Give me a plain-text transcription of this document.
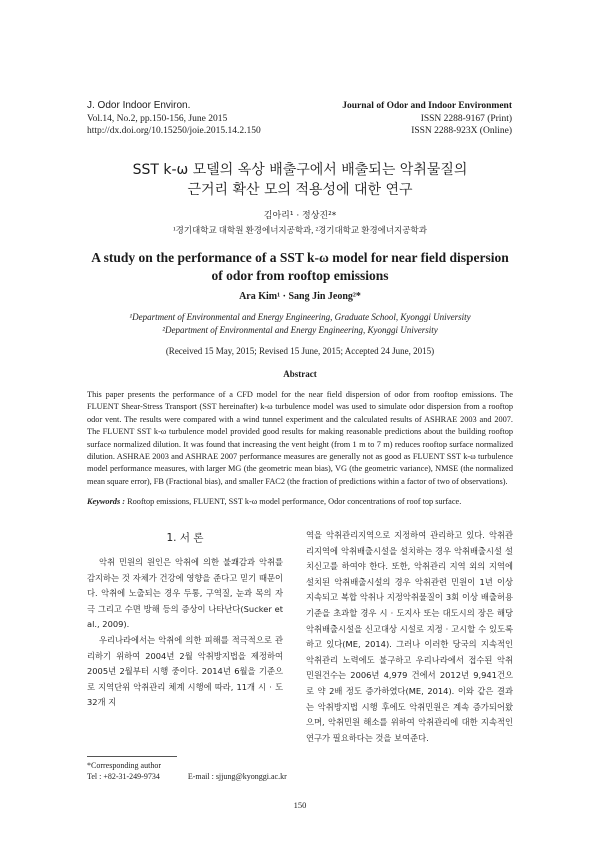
J. Odor Indoor Environ.
Vol.14, No.2, pp.150-156, June 2015
http://dx.doi.org/10.15250/joie.2015.14.2.150
Journal of Odor and Indoor Environment
ISSN 2288-9167 (Print)
ISSN 2288-923X (Online)
SST k-ω 모델의 옥상 배출구에서 배출되는 악취물질의
근거리 확산 모의 적용성에 대한 연구
김아리¹ · 정상진²*
¹경기대학교 대학원 환경에너지공학과, ²경기대학교 환경에너지공학과
A study on the performance of a SST k-ω model for near field dispersion
of odor from rooftop emissions
Ara Kim¹ · Sang Jin Jeong²*
¹Department of Environmental and Energy Engineering, Graduate School, Kyonggi University
²Department of Environmental and Energy Engineering, Kyonggi University
(Received 15 May, 2015; Revised 15 June, 2015; Accepted 24 June, 2015)
Abstract
This paper presents the performance of a CFD model for the near field dispersion of odor from rooftop emissions. The FLUENT Shear-Stress Transport (SST hereinafter) k-ω turbulence model was used to simulate odor dispersion from a rooftop odor vent. The results were compared with a wind tunnel experiment and the calculated results of ASHRAE 2003 and 2007. The FLUENT SST k-ω turbulence model provided good results for making reasonable predictions about the building rooftop surface normalized dilution. It was found that increasing the vent height (from 1 m to 7 m) reduces rooftop surface normalized dilution. ASHRAE 2003 and ASHRAE 2007 performance measures are generally not as good as FLUENT SST k-ω turbulence model performance measures, with larger MG (the geometric mean bias), VG (the geometric variance), NMSE (the normalized mean square error), FB (Fractional bias), and smaller FAC2 (the fraction of predictions within a factor of two of observations).
Keywords : Rooftop emissions, FLUENT, SST k-ω model performance, Odor concentrations of roof top surface.
1. 서 론

악취 민원의 원인은 악취에 의한 불쾌감과 악취를 감지하는 것 자체가 건강에 영향을 준다고 믿기 때문이다. 악취에 노출되는 경우 두통, 구역질, 눈과 목의 자극 그리고 수면 방해 등의 증상이 나타난다(Sucker et al., 2009).

우리나라에서는 악취에 의한 피해를 적극적으로 관리하기 위하여 2004년 2월 악취방지법을 제정하여 2005년 2월부터 시행 중이다. 2014년 6월을 기준으로 지역단위 악취관리 체계 시행에 따라, 11개 시 · 도 32개 지

역을 악취관리지역으로 지정하여 관리하고 있다. 악취관리지역에 악취배출시설을 설치하는 경우 악취배출시설 설치신고를 하여야 한다. 또한, 악취관리 지역 외의 지역에 설치된 악취배출시설의 경우 악취관련 민원이 1년 이상 지속되고 복합 악취나 지정악취물질이 3회 이상 배출허용기준을 초과할 경우 시 · 도지사 또는 대도시의 장은 해당 악취배출시설을 신고대상 시설로 지정 · 고시할 수 있도록 하고 있다(ME, 2014). 그러나 이러한 당국의 지속적인 악취관리 노력에도 불구하고 우리나라에서 접수된 악취 민원건수는 2006년 4,979 건에서 2012년 9,941건으로 약 2배 정도 증가하였다(ME, 2014). 이와 같은 결과는 악취방지법 시행 후에도 악취민원은 계속 증가되어왔으며, 악취민원 해소를 위하여 악취관리에 대한 지속적인 연구가 필요하다는 것을 보여준다.

*Corresponding author
Tel : +82-31-249-9734	E-mail : sjjung@kyonggi.ac.kr
150
